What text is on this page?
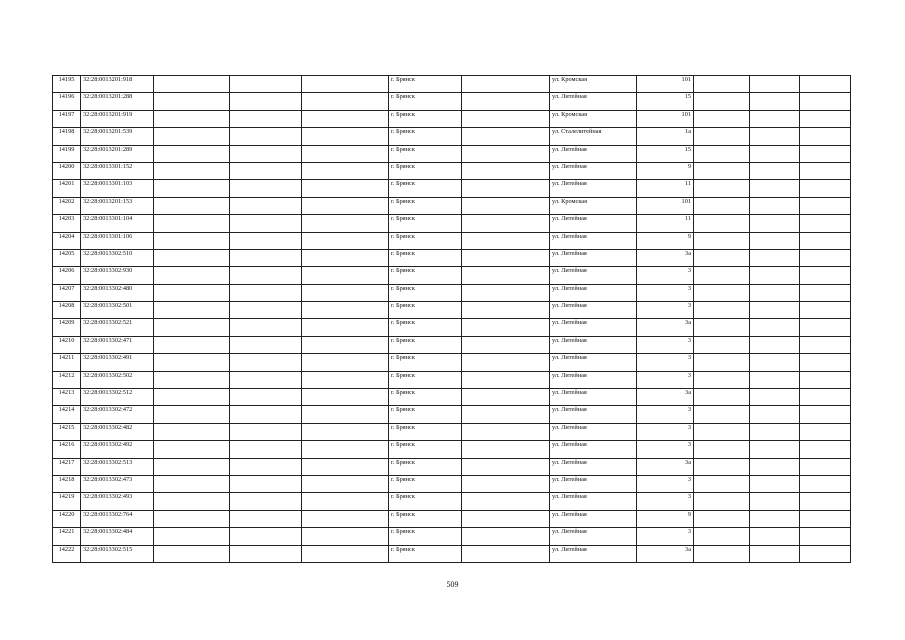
14195	32:28:0013201:918				г. Брянск		ул. Кромская	101			
14196	32:28:0013201:288				г. Брянск		ул. Литейная	15			
14197	32:28:0013201:919				г. Брянск		ул. Кромская	101			
14198	32:28:0013201:539				г. Брянск		ул. Сталелитейная	1а			
14199	32:28:0013201:289				г. Брянск		ул. Литейная	15			
14200	32:28:0013301:152				г. Брянск		ул. Литейная	9			
14201	32:28:0013301:103				г. Брянск		ул. Литейная	11			
14202	32:28:0013201:153				г. Брянск		ул. Кромская	101			
14203	32:28:0013301:104				г. Брянск		ул. Литейная	11			
14204	32:28:0013301:106				г. Брянск		ул. Литейная	9			
14205	32:28:0013302:510				г. Брянск		ул. Литейная	3а			
14206	32:28:0013302:930				г. Брянск		ул. Литейная	3			
14207	32:28:0013302:480				г. Брянск		ул. Литейная	3			
14208	32:28:0013302:501				г. Брянск		ул. Литейная	3			
14209	32:28:0013302:521				г. Брянск		ул. Литейная	3а			
14210	32:28:0013302:471				г. Брянск		ул. Литейная	3			
14211	32:28:0013302:491				г. Брянск		ул. Литейная	3			
14212	32:28:0013302:502				г. Брянск		ул. Литейная	3			
14213	32:28:0013302:512				г. Брянск		ул. Литейная	3а			
14214	32:28:0013302:472				г. Брянск		ул. Литейная	3			
14215	32:28:0013302:482				г. Брянск		ул. Литейная	3			
14216	32:28:0013302:492				г. Брянск		ул. Литейная	3			
14217	32:28:0013302:513				г. Брянск		ул. Литейная	3а			
14218	32:28:0013302:473				г. Брянск		ул. Литейная	3			
14219	32:28:0013302:493				г. Брянск		ул. Литейная	3			
14220	32:28:0013302:764				г. Брянск		ул. Литейная	9			
14221	32:28:0013302:484				г. Брянск		ул. Литейная	3			
14222	32:28:0013302:515				г. Брянск		ул. Литейная	3а			
509
